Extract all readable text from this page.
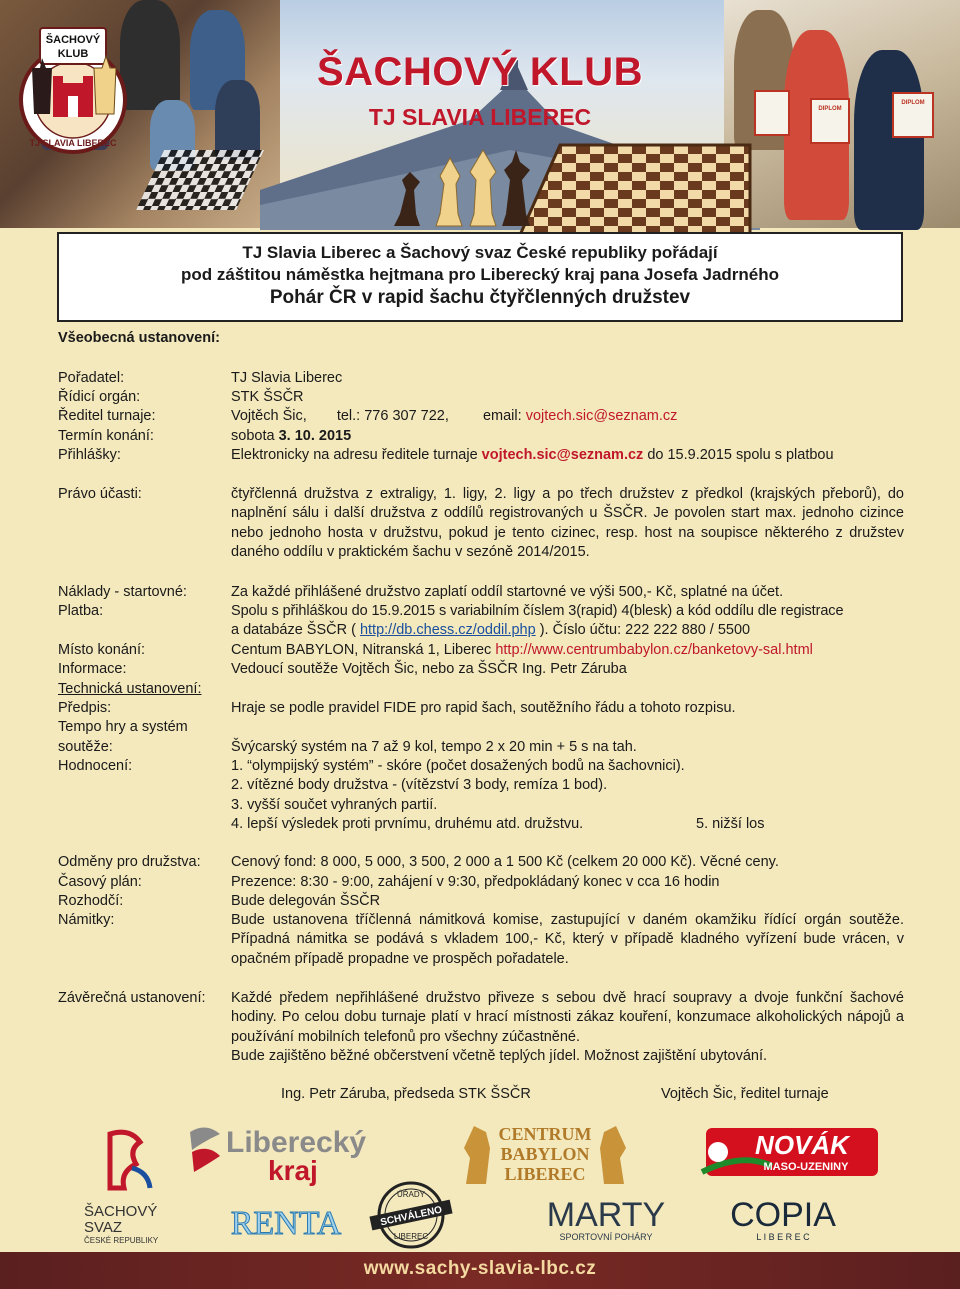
DIPLOM
DIPLOM
ŠACHOVÝ
KLUB
TJ SLAVIA LIBEREC
ŠACHOVÝ KLUB
TJ SLAVIA LIBEREC
TJ Slavia Liberec a Šachový svaz České republiky pořádají
pod záštitou náměstka hejtmana pro Liberecký kraj pana Josefa Jadrného
Pohár ČR v rapid šachu čtyřčlenných družstev
Všeobecná ustanovení:
Pořadatel:	TJ Slavia Liberec
Řídicí orgán:	STK ŠSČR
Ředitel turnaje:	Vojtěch Šic, tel.: 776 307 722, email: vojtech.sic@seznam.cz
Termín konání:	sobota 3. 10. 2015
Přihlášky:	Elektronicky na adresu ředitele turnaje vojtech.sic@seznam.cz do 15.9.2015 spolu s platbou
Právo účasti:	čtyřčlenná družstva z extraligy, 1. ligy, 2. ligy a po třech družstev z předkol (krajských přeborů), do naplnění sálu i další družstva z oddílů registrovaných u ŠSČR. Je povolen start max. jednoho cizince nebo jednoho hosta v družstvu, pokud je tento cizinec, resp. host na soupisce některého z družstev daného oddílu v praktickém šachu v sezóně 2014/2015.
Náklady - startovné:	Za každé přihlášené družstvo zaplatí oddíl startovné ve výši 500,- Kč, splatné na účet.
Platba:	Spolu s přihláškou do 15.9.2015 s variabilním číslem 3(rapid) 4(blesk) a kód oddílu dle registrace
a databáze ŠSČR ( http://db.chess.cz/oddil.php ). Číslo účtu: 222 222 880 / 5500
Místo konání:	Centum BABYLON, Nitranská 1, Liberec http://www.centrumbabylon.cz/banketovy-sal.html
Informace:	Vedoucí soutěže Vojtěch Šic, nebo za ŠSČR Ing. Petr Záruba
Technická ustanovení:
Předpis:	Hraje se podle pravidel FIDE pro rapid šach, soutěžního řádu a tohoto rozpisu.
Tempo hry a systém
soutěže:	Švýcarský systém na 7 až 9 kol, tempo 2 x 20 min + 5 s na tah.
Hodnocení:	1. “olympijský systém” - skóre (počet dosažených bodů na šachovnici).
2. vítězné body družstva - (vítězství 3 body, remíza 1 bod).
3. vyšší součet vyhraných partií.
4. lepší výsledek proti prvnímu, druhému atd. družstvu.	5. nižší los
Odměny pro družstva: Cenový fond: 8 000, 5 000, 3 500, 2 000 a 1 500 Kč (celkem 20 000 Kč). Věcné ceny.
Časový plán:	Prezence: 8:30 - 9:00, zahájení v 9:30, předpokládaný konec v cca 16 hodin
Rozhodčí:	Bude delegován ŠSČR
Námitky:	Bude ustanovena tříčlenná námitková komise, zastupující v daném okamžiku řídící orgán soutěže. Případná námitka se podává s vkladem 100,- Kč, který v případě kladného vyřízení bude vrácen, v opačném případě propadne ve prospěch pořadatele.
Závěrečná ustanovení: Každé předem nepřihlášené družstvo přiveze s sebou dvě hrací soupravy a dvoje funkční šachové hodiny. Po celou dobu turnaje platí v hrací místnosti zákaz kouření, konzumace alkoholických nápojů a používání mobilních telefonů pro všechny zúčastněné.
Bude zajištěno běžné občerstvení včetně teplých jídel. Možnost zajištění ubytování.
Ing. Petr Záruba, předseda STK ŠSČR	Vojtěch Šic, ředitel turnaje
Liberecký
kraj
CENTRUM
BABYLON
LIBEREC
NOVÁK
MASO-UZENINY
ŠACHOVÝ
SVAZ
ČESKÉ REPUBLIKY RENTA
ÚŘADY
SCHVÁLENO
LIBEREC
MARTY
SPORTOVNÍ POHÁRY
COPIA
L I B E R E C
www.sachy-slavia-lbc.cz
